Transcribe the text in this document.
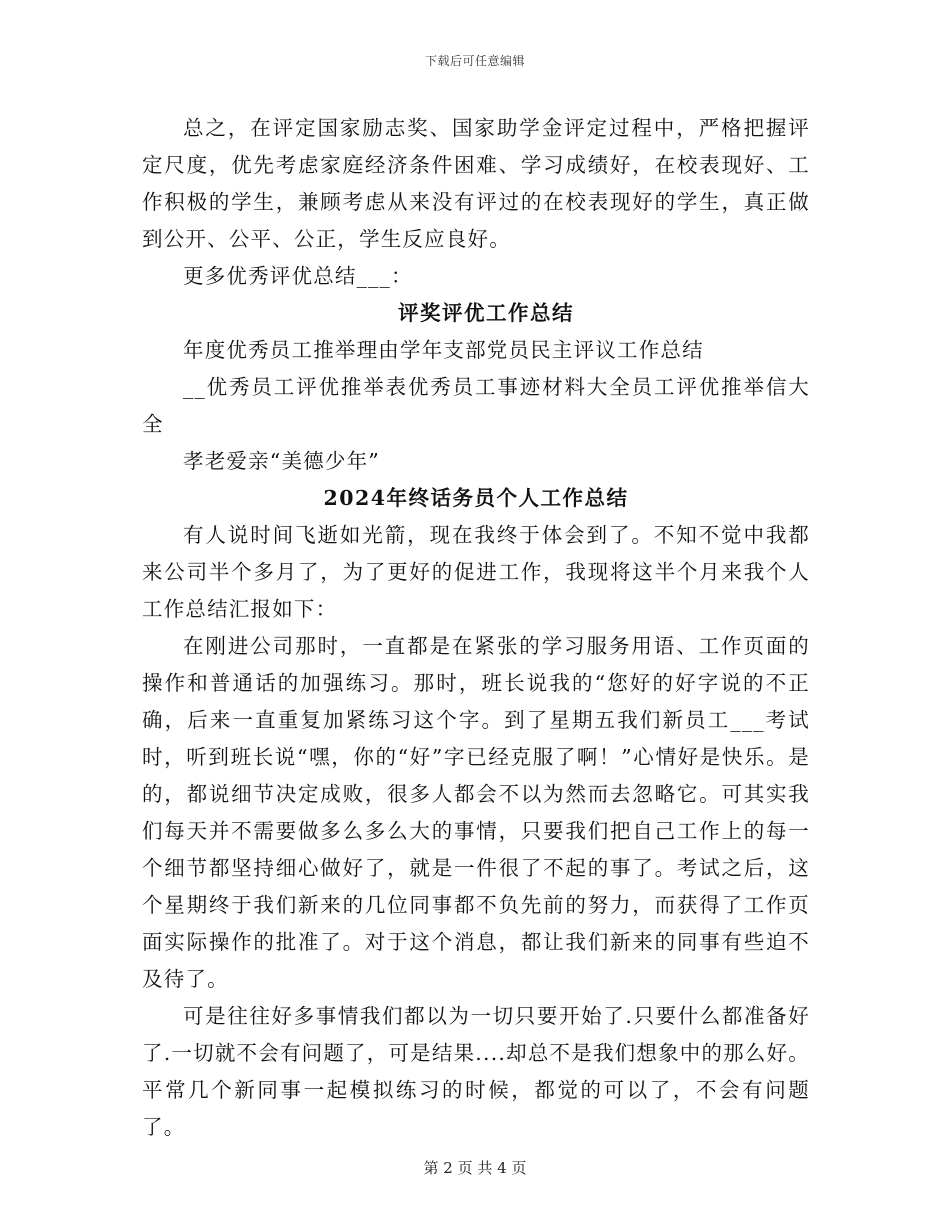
下载后可任意编辑

总之，在评定国家励志奖、国家助学金评定过程中，严格把握评定尺度，优先考虑家庭经济条件困难、学习成绩好，在校表现好、工作积极的学生，兼顾考虑从来没有评过的在校表现好的学生，真正做到公开、公平、公正，学生反应良好。

更多优秀评优总结___：

评奖评优工作总结

年度优秀员工推举理由学年支部党员民主评议工作总结

__优秀员工评优推举表优秀员工事迹材料大全员工评优推举信大全

孝老爱亲“美德少年”

2024年终话务员个人工作总结

有人说时间飞逝如光箭，现在我终于体会到了。不知不觉中我都来公司半个多月了，为了更好的促进工作，我现将这半个月来我个人工作总结汇报如下：

在刚进公司那时，一直都是在紧张的学习服务用语、工作页面的操作和普通话的加强练习。那时，班长说我的“您好的好字说的不正确，后来一直重复加紧练习这个字。到了星期五我们新员工___考试时，听到班长说“嘿，你的“好”字已经克服了啊！”心情好是快乐。是的，都说细节决定成败，很多人都会不以为然而去忽略它。可其实我们每天并不需要做多么多么大的事情，只要我们把自己工作上的每一个细节都坚持细心做好了，就是一件很了不起的事了。考试之后，这个星期终于我们新来的几位同事都不负先前的努力，而获得了工作页面实际操作的批准了。对于这个消息，都让我们新来的同事有些迫不及待了。

可是往往好多事情我们都以为一切只要开始了.只要什么都准备好了.一切就不会有问题了，可是结果....却总不是我们想象中的那么好。平常几个新同事一起模拟练习的时候，都觉的可以了，不会有问题了。

第 2 页 共 4 页
